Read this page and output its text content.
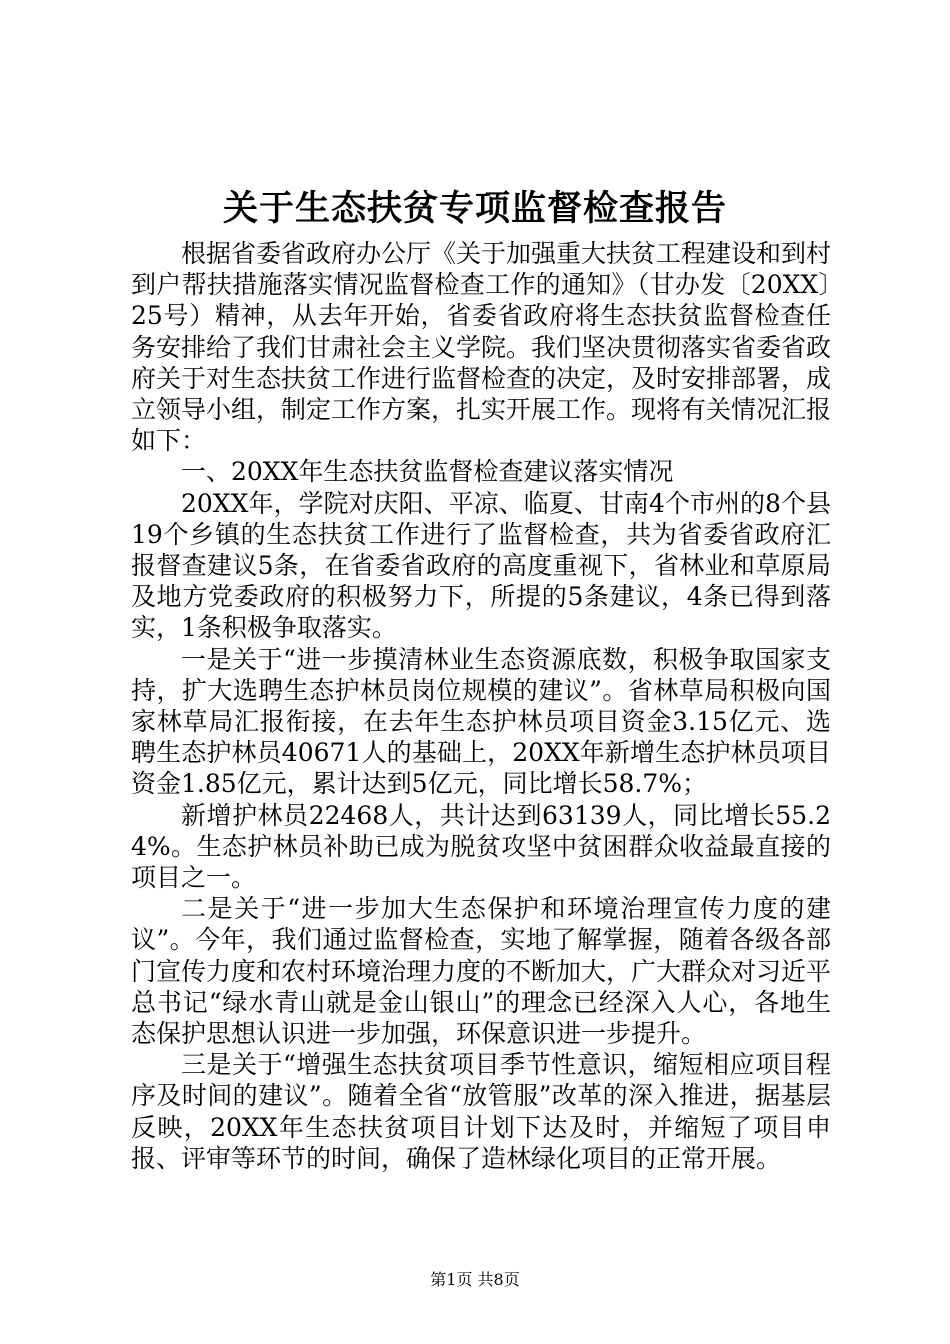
关于生态扶贫专项监督检查报告

根据省委省政府办公厅《关于加强重大扶贫工程建设和到村到户帮扶措施落实情况监督检查工作的通知》（甘办发〔20XX〕25号）精神，从去年开始，省委省政府将生态扶贫监督检查任务安排给了我们甘肃社会主义学院。我们坚决贯彻落实省委省政府关于对生态扶贫工作进行监督检查的决定，及时安排部署，成立领导小组，制定工作方案，扎实开展工作。现将有关情况汇报如下：

一、20XX年生态扶贫监督检查建议落实情况

20XX年，学院对庆阳、平凉、临夏、甘南4个市州的8个县19个乡镇的生态扶贫工作进行了监督检查，共为省委省政府汇报督查建议5条，在省委省政府的高度重视下，省林业和草原局及地方党委政府的积极努力下，所提的5条建议，4条已得到落实，1条积极争取落实。

一是关于“进一步摸清林业生态资源底数，积极争取国家支持，扩大选聘生态护林员岗位规模的建议”。省林草局积极向国家林草局汇报衔接，在去年生态护林员项目资金3.15亿元、选聘生态护林员40671人的基础上，20XX年新增生态护林员项目资金1.85亿元，累计达到5亿元，同比增长58.7%；

新增护林员22468人，共计达到63139人，同比增长55.24%。生态护林员补助已成为脱贫攻坚中贫困群众收益最直接的项目之一。

二是关于“进一步加大生态保护和环境治理宣传力度的建议”。今年，我们通过监督检查，实地了解掌握，随着各级各部门宣传力度和农村环境治理力度的不断加大，广大群众对习近平总书记“绿水青山就是金山银山”的理念已经深入人心，各地生态保护思想认识进一步加强，环保意识进一步提升。

三是关于“增强生态扶贫项目季节性意识，缩短相应项目程序及时间的建议”。随着全省“放管服”改革的深入推进，据基层反映，20XX年生态扶贫项目计划下达及时，并缩短了项目申报、评审等环节的时间，确保了造林绿化项目的正常开展。

第1页 共8页
